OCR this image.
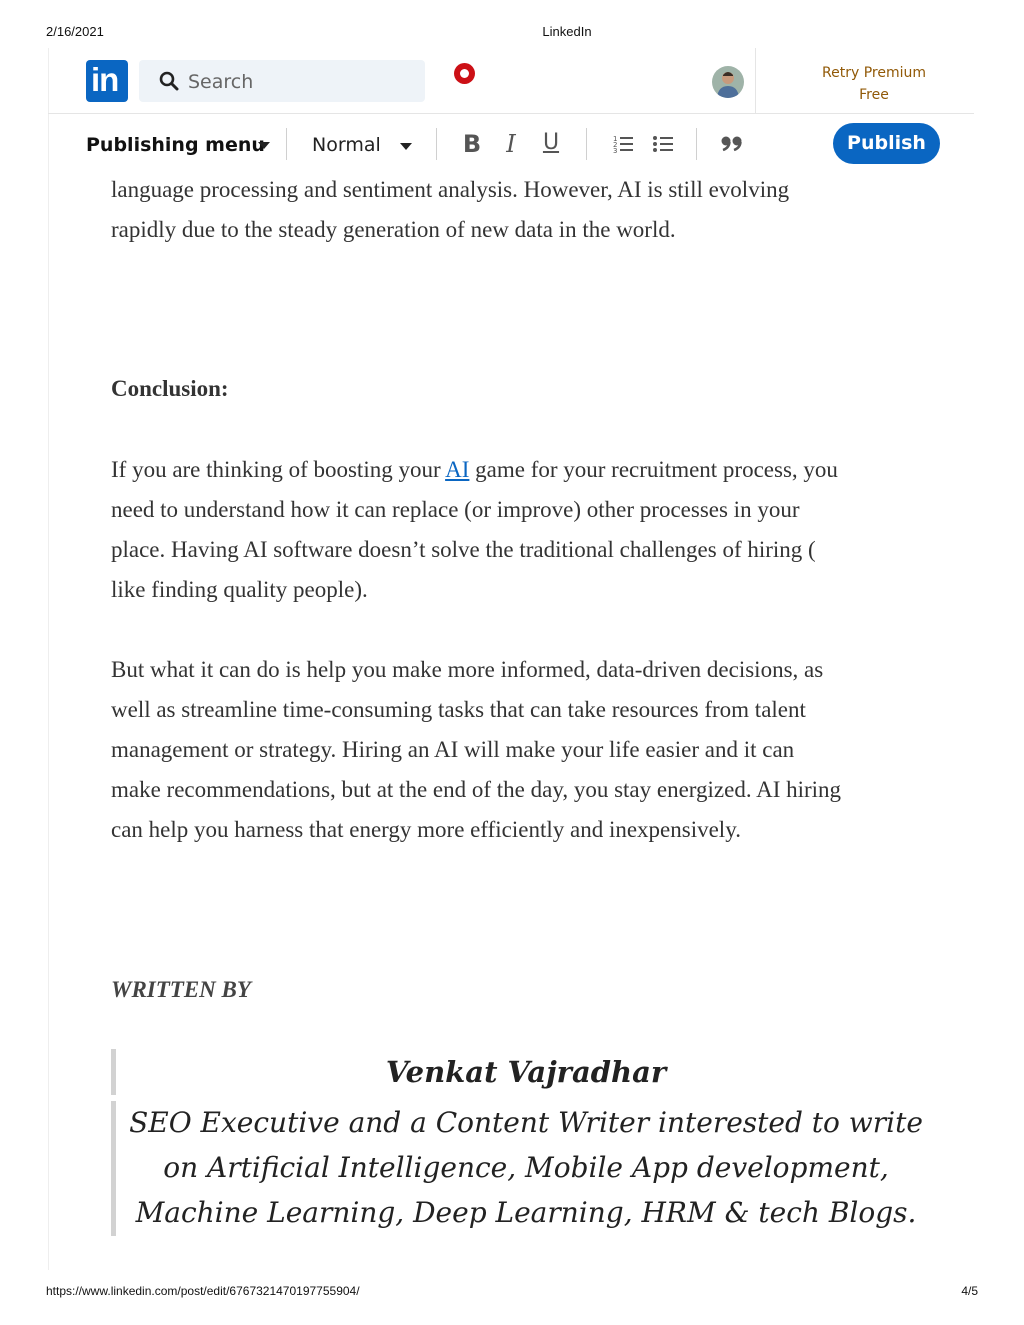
2/16/2021	LinkedIn
in	Search	Retry Premium
Free
Publishing menu Normal	B	I	U	1
2
3	Publish
language processing and sentiment analysis. However, AI is still evolving
rapidly due to the steady generation of new data in the world.
Conclusion:
If you are thinking of boosting your AI game for your recruitment process, you
need to understand how it can replace (or improve) other processes in your
place. Having AI software doesn’t solve the traditional challenges of hiring (
like finding quality people).
But what it can do is help you make more informed, data-driven decisions, as
well as streamline time-consuming tasks that can take resources from talent
management or strategy. Hiring an AI will make your life easier and it can
make recommendations, but at the end of the day, you stay energized. AI hiring
can help you harness that energy more efficiently and inexpensively.
WRITTEN BY
Venkat Vajradhar
SEO Executive and a Content Writer interested to write
on Artificial Intelligence, Mobile App development,
Machine Learning, Deep Learning, HRM & tech Blogs.
https://www.linkedin.com/post/edit/6767321470197755904/	4/5
